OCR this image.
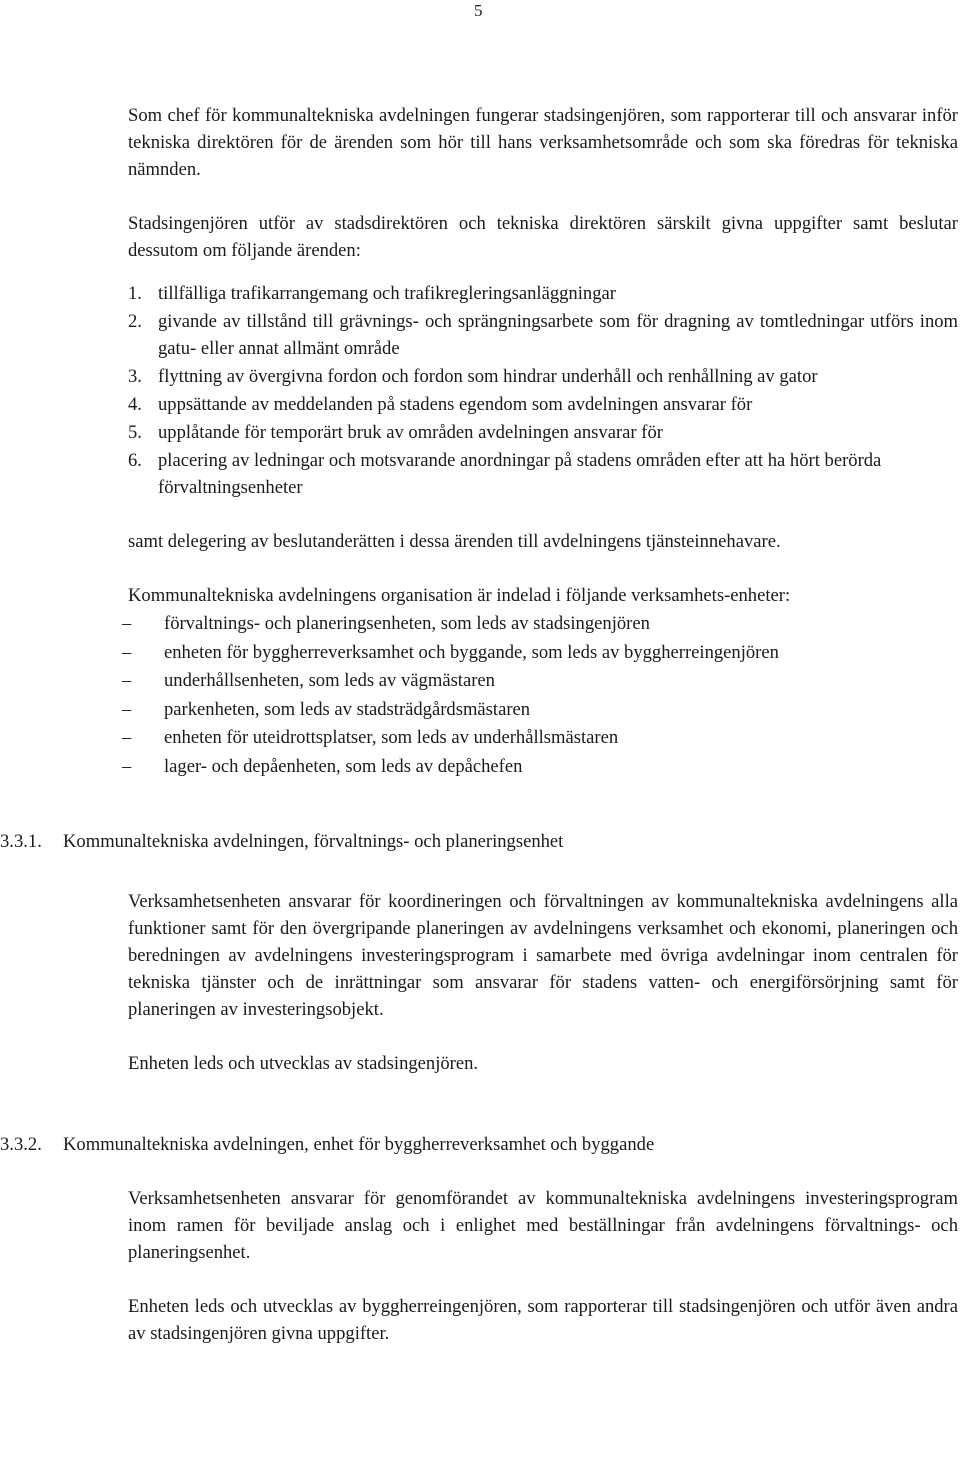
5

Som chef för kommunaltekniska avdelningen fungerar stadsingenjören, som rapporterar till och ansvarar inför tekniska direktören för de ärenden som hör till hans verksamhetsområde och som ska föredras för tekniska nämnden.

Stadsingenjören utför av stadsdirektören och tekniska direktören särskilt givna uppgifter samt beslutar dessutom om följande ärenden:

1. tillfälliga trafikarrangemang och trafikregleringsanläggningar
2. givande av tillstånd till grävnings- och sprängningsarbete som för dragning av tomtledningar utförs inom gatu- eller annat allmänt område
3. flyttning av övergivna fordon och fordon som hindrar underhåll och renhållning av gator
4. uppsättande av meddelanden på stadens egendom som avdelningen ansvarar för
5. upplåtande för temporärt bruk av områden avdelningen ansvarar för
6. placering av ledningar och motsvarande anordningar på stadens områden efter att ha hört berörda förvaltningsenheter

samt delegering av beslutanderätten i dessa ärenden till avdelningens tjänsteinnehavare.

Kommunaltekniska avdelningens organisation är indelad i följande verksamhets-enheter:

– förvaltnings- och planeringsenheten, som leds av stadsingenjören
– enheten för byggherreverksamhet och byggande, som leds av byggherreingenjören
– underhållsenheten, som leds av vägmästaren
– parkenheten, som leds av stadsträdgårdsmästaren
– enheten för uteidrottsplatser, som leds av underhållsmästaren
– lager- och depåenheten, som leds av depåchefen
3.3.1.	Kommunaltekniska avdelningen, förvaltnings- och planeringsenhet

Verksamhetsenheten ansvarar för koordineringen och förvaltningen av kommunaltekniska avdelningens alla funktioner samt för den övergripande planeringen av avdelningens verksamhet och ekonomi, planeringen och beredningen av avdelningens investeringsprogram i samarbete med övriga avdelningar inom centralen för tekniska tjänster och de inrättningar som ansvarar för stadens vatten- och energiförsörjning samt för planeringen av investeringsobjekt.

Enheten leds och utvecklas av stadsingenjören.

3.3.2.	Kommunaltekniska avdelningen, enhet för byggherreverksamhet och byggande

Verksamhetsenheten ansvarar för genomförandet av kommunaltekniska avdelningens investeringsprogram inom ramen för beviljade anslag och i enlighet med beställningar från avdelningens förvaltnings- och planeringsenhet.

Enheten leds och utvecklas av byggherreingenjören, som rapporterar till stadsingenjören och utför även andra av stadsingenjören givna uppgifter.
